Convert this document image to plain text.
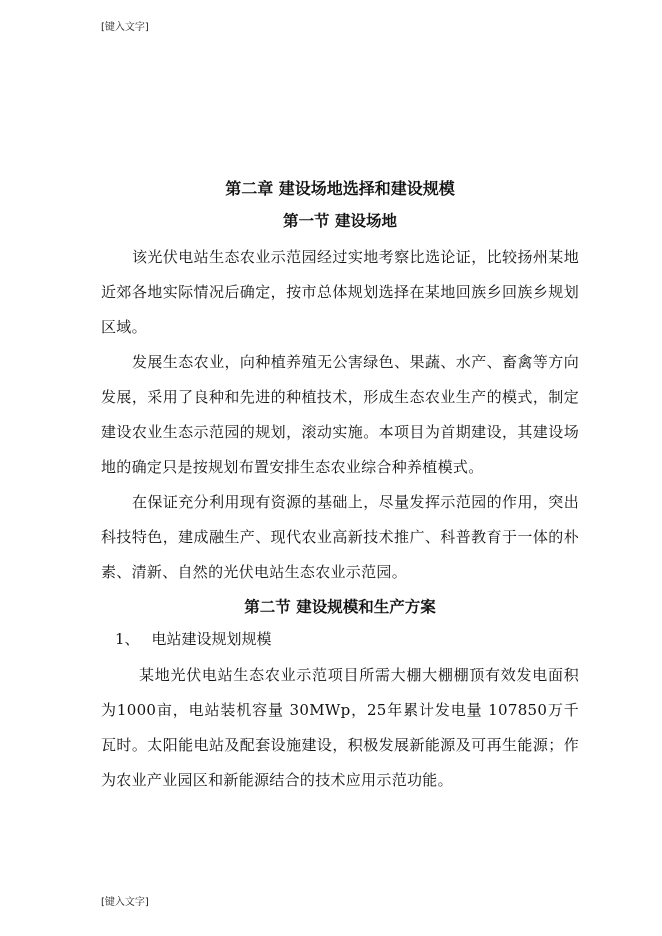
[键入文字]
第二章 建设场地选择和建设规模
第一节 建设场地

该光伏电站生态农业示范园经过实地考察比选论证，比较扬州某地近郊各地实际情况后确定，按市总体规划选择在某地回族乡回族乡规划区域。

发展生态农业，向种植养殖无公害绿色、果蔬、水产、畜禽等方向发展，采用了良种和先进的种植技术，形成生态农业生产的模式，制定建设农业生态示范园的规划，滚动实施。本项目为首期建设，其建设场地的确定只是按规划布置安排生态农业综合种养植模式。

在保证充分利用现有资源的基础上，尽量发挥示范园的作用，突出科技特色，建成融生产、现代农业高新技术推广、科普教育于一体的朴素、清新、自然的光伏电站生态农业示范园。

第二节 建设规模和生产方案
1、 电站建设规划规模

某地光伏电站生态农业示范项目所需大棚大棚棚顶有效发电面积为1000亩，电站装机容量 30MWp，25年累计发电量 107850万千瓦时。太阳能电站及配套设施建设，积极发展新能源及可再生能源；作为农业产业园区和新能源结合的技术应用示范功能。

[键入文字]
